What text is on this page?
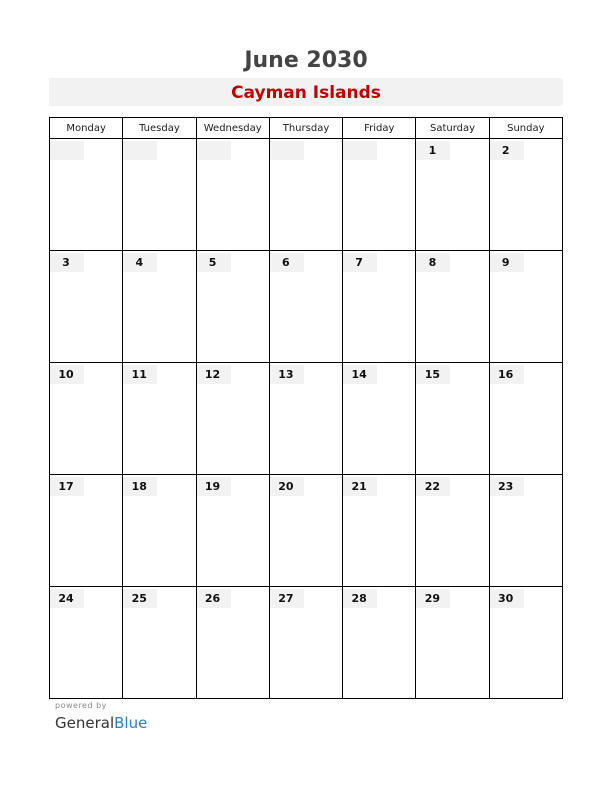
June 2030
Cayman Islands
Monday	Tuesday	Wednesday	Thursday	Friday	Saturday	Sunday

					1	2

3	4	5	6	7	8	9

10	11	12	13	14	15	16

17	18	19	20	21	22	23

24	25	26	27	28	29	30
powered by
GeneralBlue
